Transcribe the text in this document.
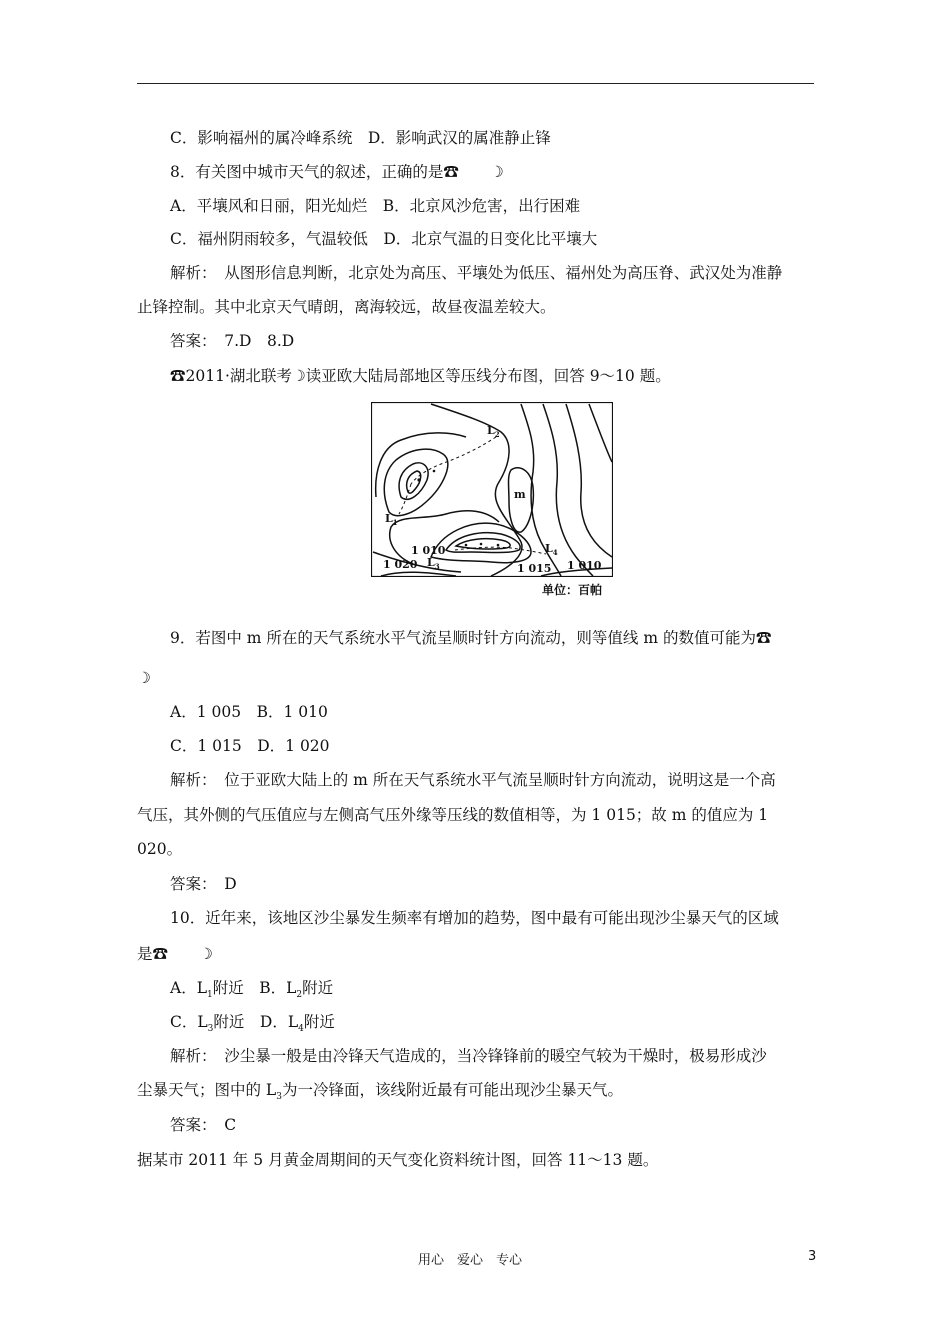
C．影响福州的属冷峰系统　D．影响武汉的属准静止锋
8．有关图中城市天气的叙述，正确的是☎　　☽
A．平壤风和日丽，阳光灿烂　B．北京风沙危害，出行困难
C．福州阴雨较多，气温较低　D．北京气温的日变化比平壤大
解析：　从图形信息判断，北京处为高压、平壤处为低压、福州处为高压脊、武汉处为准静
止锋控制。其中北京天气晴朗，离海较远，故昼夜温差较大。
答案：　7.D　8.D
☎2011·湖北联考☽读亚欧大陆局部地区等压线分布图，回答 9～10 题。
m
1 010
1 020	1 015 1 010
$L_1$
$L_2$
$L_3$
$L_4$
单位：百帕
9．若图中 m 所在的天气系统水平气流呈顺时针方向流动，则等值线 m 的数值可能为☎
☽
A．1 005　B．1 010
C．1 015　D．1 020
解析：　位于亚欧大陆上的 m 所在天气系统水平气流呈顺时针方向流动，说明这是一个高
气压，其外侧的气压值应与左侧高气压外缘等压线的数值相等，为 1 015；故 m 的值应为 1
020。
答案：　D
10．近年来，该地区沙尘暴发生频率有增加的趋势，图中最有可能出现沙尘暴天气的区域
是☎　　☽
A．$L_1$附近　B．$L_2$附近
C．$L_3$附近　D．$L_4$附近
解析：　沙尘暴一般是由冷锋天气造成的，当冷锋锋前的暖空气较为干燥时，极易形成沙
尘暴天气；图中的 $L_3$为一冷锋面，该线附近最有可能出现沙尘暴天气。
答案：　C
据某市 2011 年 5 月黄金周期间的天气变化资料统计图，回答 11～13 题。
用心　爱心　专心	3
